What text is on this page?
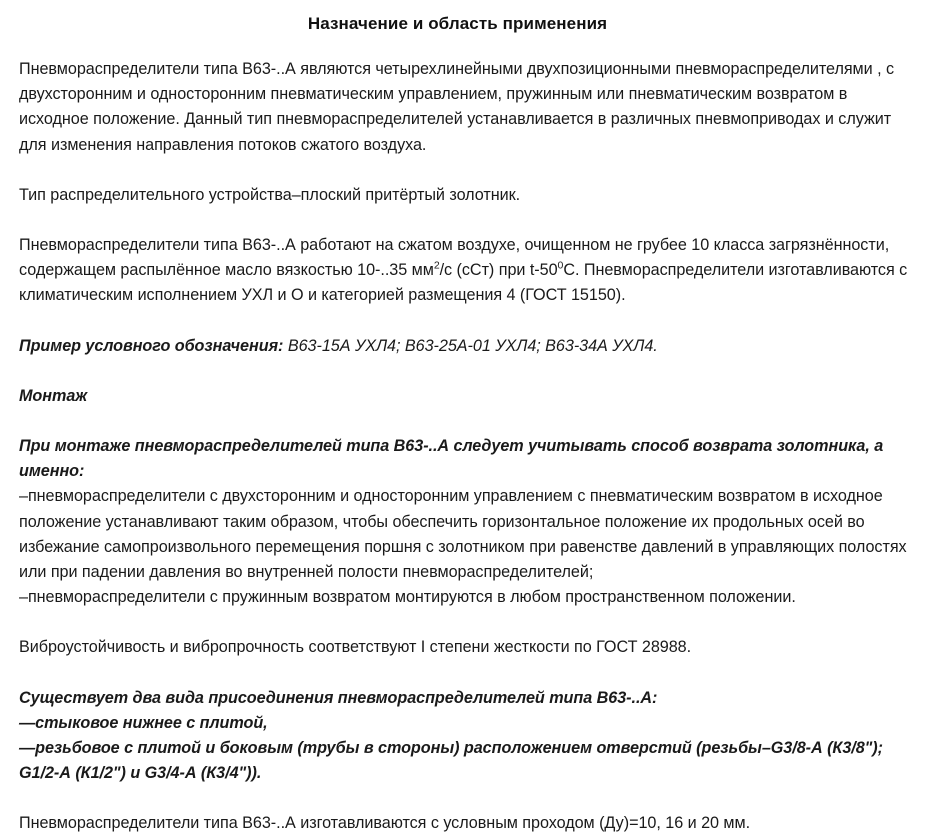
Назначение и область применения

Пневмораспределители типа В63-..А являются четырехлинейными двухпозиционными пневмораспределителями , с двухсторонним и односторонним пневматическим управлением, пружинным или пневматическим возвратом в исходное положение. Данный тип пневмораспределителей устанавливается в различных пневмоприводах и служит для изменения направления потоков сжатого воздуха.

Тип распределительного устройства–плоский притёртый золотник.

Пневмораспределители типа В63-..А работают на сжатом воздухе, очищенном не грубее 10 класса загрязнённости, содержащем распылённое масло вязкостью 10-..35 $мм^2/с$ (сСт) при $t-50^0С$. Пневмораспределители изготавливаются с климатическим исполнением УХЛ и О и категорией размещения 4 (ГОСТ 15150).

Пример условного обозначения: В63-15А УХЛ4; В63-25А-01 УХЛ4; В63-34А УХЛ4.

Монтаж

При монтаже пневмораспределителей типа В63-..А следует учитывать способ возврата золотника, а именно:

–пневмораспределители с двухсторонним и односторонним управлением с пневматическим возвратом в исходное положение устанавливают таким образом, чтобы обеспечить горизонтальное положение их продольных осей во избежание самопроизвольного перемещения поршня с золотником при равенстве давлений в управляющих полостях или при падении давления во внутренней полости пневмораспределителей;

–пневмораспределители с пружинным возвратом монтируются в любом пространственном положении.

Виброустойчивость и вибропрочность соответствуют I степени жесткости по ГОСТ 28988.

Существует два вида присоединения пневмораспределителей типа В63-..А:

—стыковое нижнее с плитой,

—резьбовое с плитой и боковым (трубы в стороны) расположением отверстий (резьбы–G3/8-А (К3/8"); G1/2-А (К1/2") и G3/4-А (К3/4")).

Пневмораспределители типа В63-..А изготавливаются с условным проходом (Ду)=10, 16 и 20 мм.
